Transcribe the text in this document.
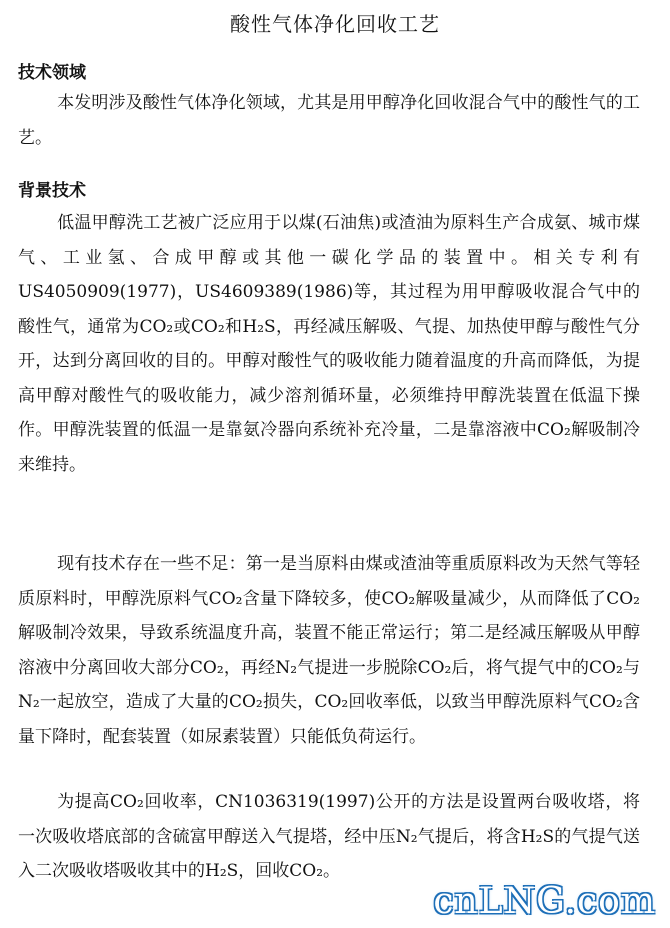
酸性气体净化回收工艺
技术领域

本发明涉及酸性气体净化领域，尤其是用甲醇净化回收混合气中的酸性气的工艺。

背景技术

低温甲醇洗工艺被广泛应用于以煤(石油焦)或渣油为原料生产合成氨、城市煤气、工业氢、合成甲醇或其他一碳化学品的装置中。相关专利有US4050909(1977)，US4609389(1986)等，其过程为用甲醇吸收混合气中的酸性气，通常为CO₂或CO₂和H₂S，再经减压解吸、气提、加热使甲醇与酸性气分开，达到分离回收的目的。甲醇对酸性气的吸收能力随着温度的升高而降低，为提高甲醇对酸性气的吸收能力，减少溶剂循环量，必须维持甲醇洗装置在低温下操作。甲醇洗装置的低温一是靠氨冷器向系统补充冷量，二是靠溶液中CO₂解吸制冷来维持。

现有技术存在一些不足：第一是当原料由煤或渣油等重质原料改为天然气等轻质原料时，甲醇洗原料气CO₂含量下降较多，使CO₂解吸量减少，从而降低了CO₂解吸制冷效果，导致系统温度升高，装置不能正常运行；第二是经减压解吸从甲醇溶液中分离回收大部分CO₂，再经N₂气提进一步脱除CO₂后，将气提气中的CO₂与N₂一起放空，造成了大量的CO₂损失，CO₂回收率低，以致当甲醇洗原料气CO₂含量下降时，配套装置（如尿素装置）只能低负荷运行。

为提高CO₂回收率，CN1036319(1997)公开的方法是设置两台吸收塔，将一次吸收塔底部的含硫富甲醇送入气提塔，经中压N₂气提后，将含H₂S的气提气送入二次吸收塔吸收其中的H₂S，回收CO₂。

cnLNG.com
